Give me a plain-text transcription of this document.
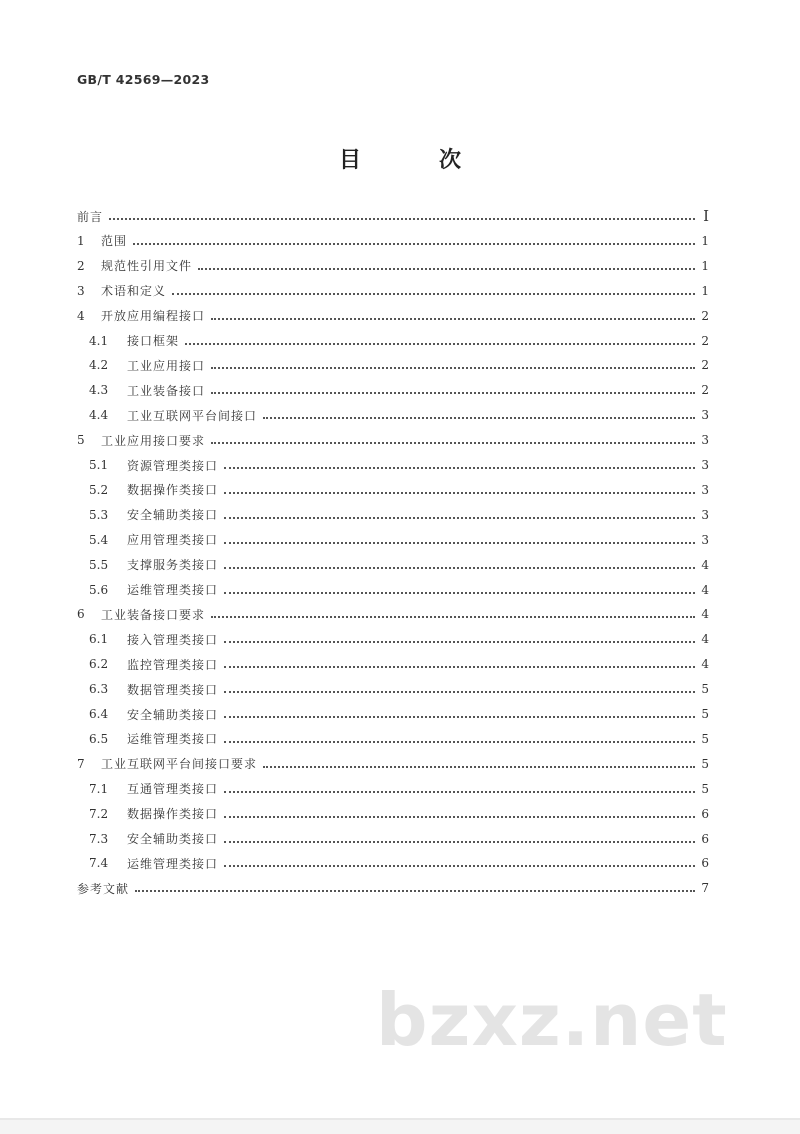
GB/T 42569—2023
目　次
前言	I
1	范围	1
2	规范性引用文件	1
3	术语和定义	1
4	开放应用编程接口	2
4.1	接口框架	2
4.2	工业应用接口	2
4.3	工业装备接口	2
4.4	工业互联网平台间接口	3
5	工业应用接口要求	3
5.1	资源管理类接口	3
5.2	数据操作类接口	3
5.3	安全辅助类接口	3
5.4	应用管理类接口	3
5.5	支撑服务类接口	4
5.6	运维管理类接口	4
6	工业装备接口要求	4
6.1	接入管理类接口	4
6.2	监控管理类接口	4
6.3	数据管理类接口	5
6.4	安全辅助类接口	5
6.5	运维管理类接口	5
7	工业互联网平台间接口要求	5
7.1	互通管理类接口	5
7.2	数据操作类接口	6
7.3	安全辅助类接口	6
7.4	运维管理类接口	6
参考文献	7
bzxz.net
